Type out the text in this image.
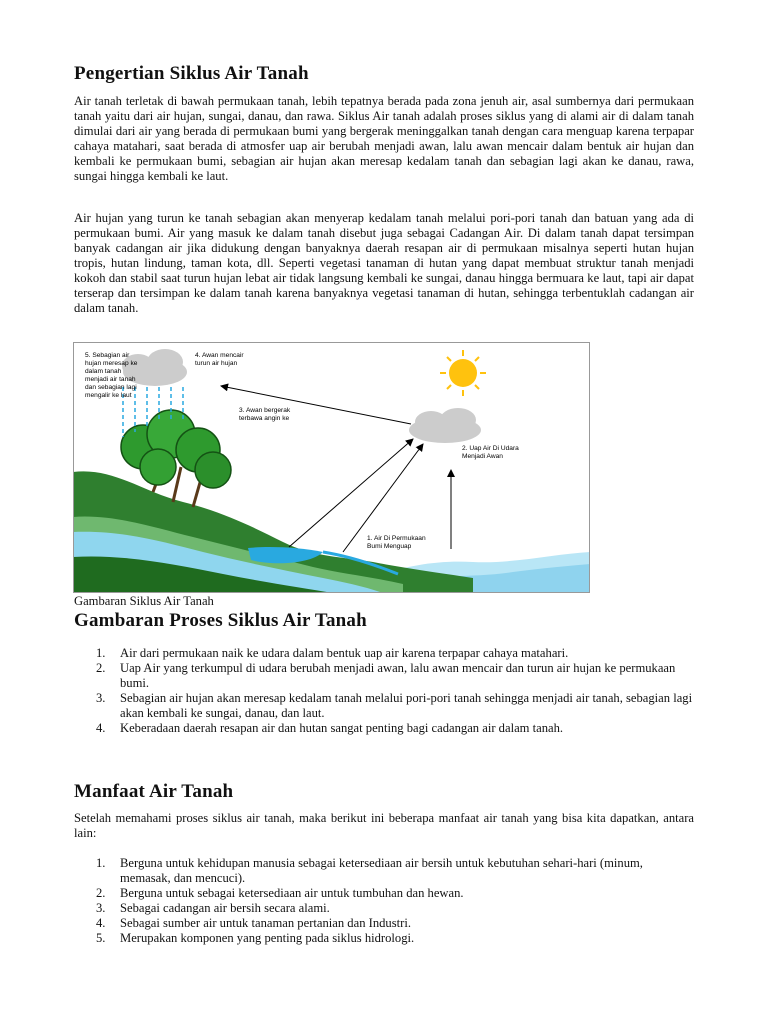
Pengertian Siklus Air Tanah

Air tanah terletak di bawah permukaan tanah, lebih tepatnya berada pada zona jenuh air, asal sumbernya dari permukaan tanah yaitu dari air hujan, sungai, danau, dan rawa. Siklus Air tanah adalah proses siklus yang di alami air di dalam tanah dimulai dari air yang berada di permukaan bumi yang bergerak meninggalkan tanah dengan cara menguap karena terpapar cahaya matahari, saat berada di atmosfer uap air berubah menjadi awan, lalu awan mencair dalam bentuk air hujan dan kembali ke permukaan bumi, sebagian air hujan akan meresap kedalam tanah dan sebagian lagi akan ke danau, rawa, sungai hingga kembali ke laut.

Air hujan yang turun ke tanah sebagian akan menyerap kedalam tanah melalui pori-pori tanah dan batuan yang ada di permukaan bumi. Air yang masuk ke dalam tanah disebut juga sebagai Cadangan Air. Di dalam tanah dapat tersimpan banyak cadangan air jika didukung dengan banyaknya daerah resapan air di permukaan misalnya seperti hutan hujan tropis, hutan lindung, taman kota, dll. Seperti vegetasi tanaman di hutan yang dapat membuat struktur tanah menjadi kokoh dan stabil saat turun hujan lebat air tidak langsung kembali ke sungai, danau hingga bermuara ke laut, tapi air dapat terserap dan tersimpan ke dalam tanah karena banyaknya vegetasi tanaman di hutan, sehingga terbentuklah cadangan air dalam tanah.

5. Sebagian air hujan meresap ke dalam tanah menjadi air tanah dan sebagian lagi mengalir ke laut
4. Awan mencair turun air hujan
3. Awan bergerak terbawa angin ke
2. Uap Air Di Udara Menjadi Awan
1. Air Di Permukaan Bumi Menguap
Gambaran Siklus Air Tanah
Gambaran Proses Siklus Air Tanah
1. Air dari permukaan naik ke udara dalam bentuk uap air karena terpapar cahaya matahari.
2. Uap Air yang terkumpul di udara berubah menjadi awan, lalu awan mencair dan turun air hujan ke permukaan bumi.
3. Sebagian air hujan akan meresap kedalam tanah melalui pori-pori tanah sehingga menjadi air tanah, sebagian lagi akan kembali ke sungai, danau, dan laut.
4. Keberadaan daerah resapan air dan hutan sangat penting bagi cadangan air dalam tanah.
Manfaat Air Tanah

Setelah memahami proses siklus air tanah, maka berikut ini beberapa manfaat air tanah yang bisa kita dapatkan, antara lain:

1. Berguna untuk kehidupan manusia sebagai ketersediaan air bersih untuk kebutuhan sehari-hari (minum, memasak, dan mencuci).
2. Berguna untuk sebagai ketersediaan air untuk tumbuhan dan hewan.
3. Sebagai cadangan air bersih secara alami.
4. Sebagai sumber air untuk tanaman pertanian dan Industri.
5. Merupakan komponen yang penting pada siklus hidrologi.
